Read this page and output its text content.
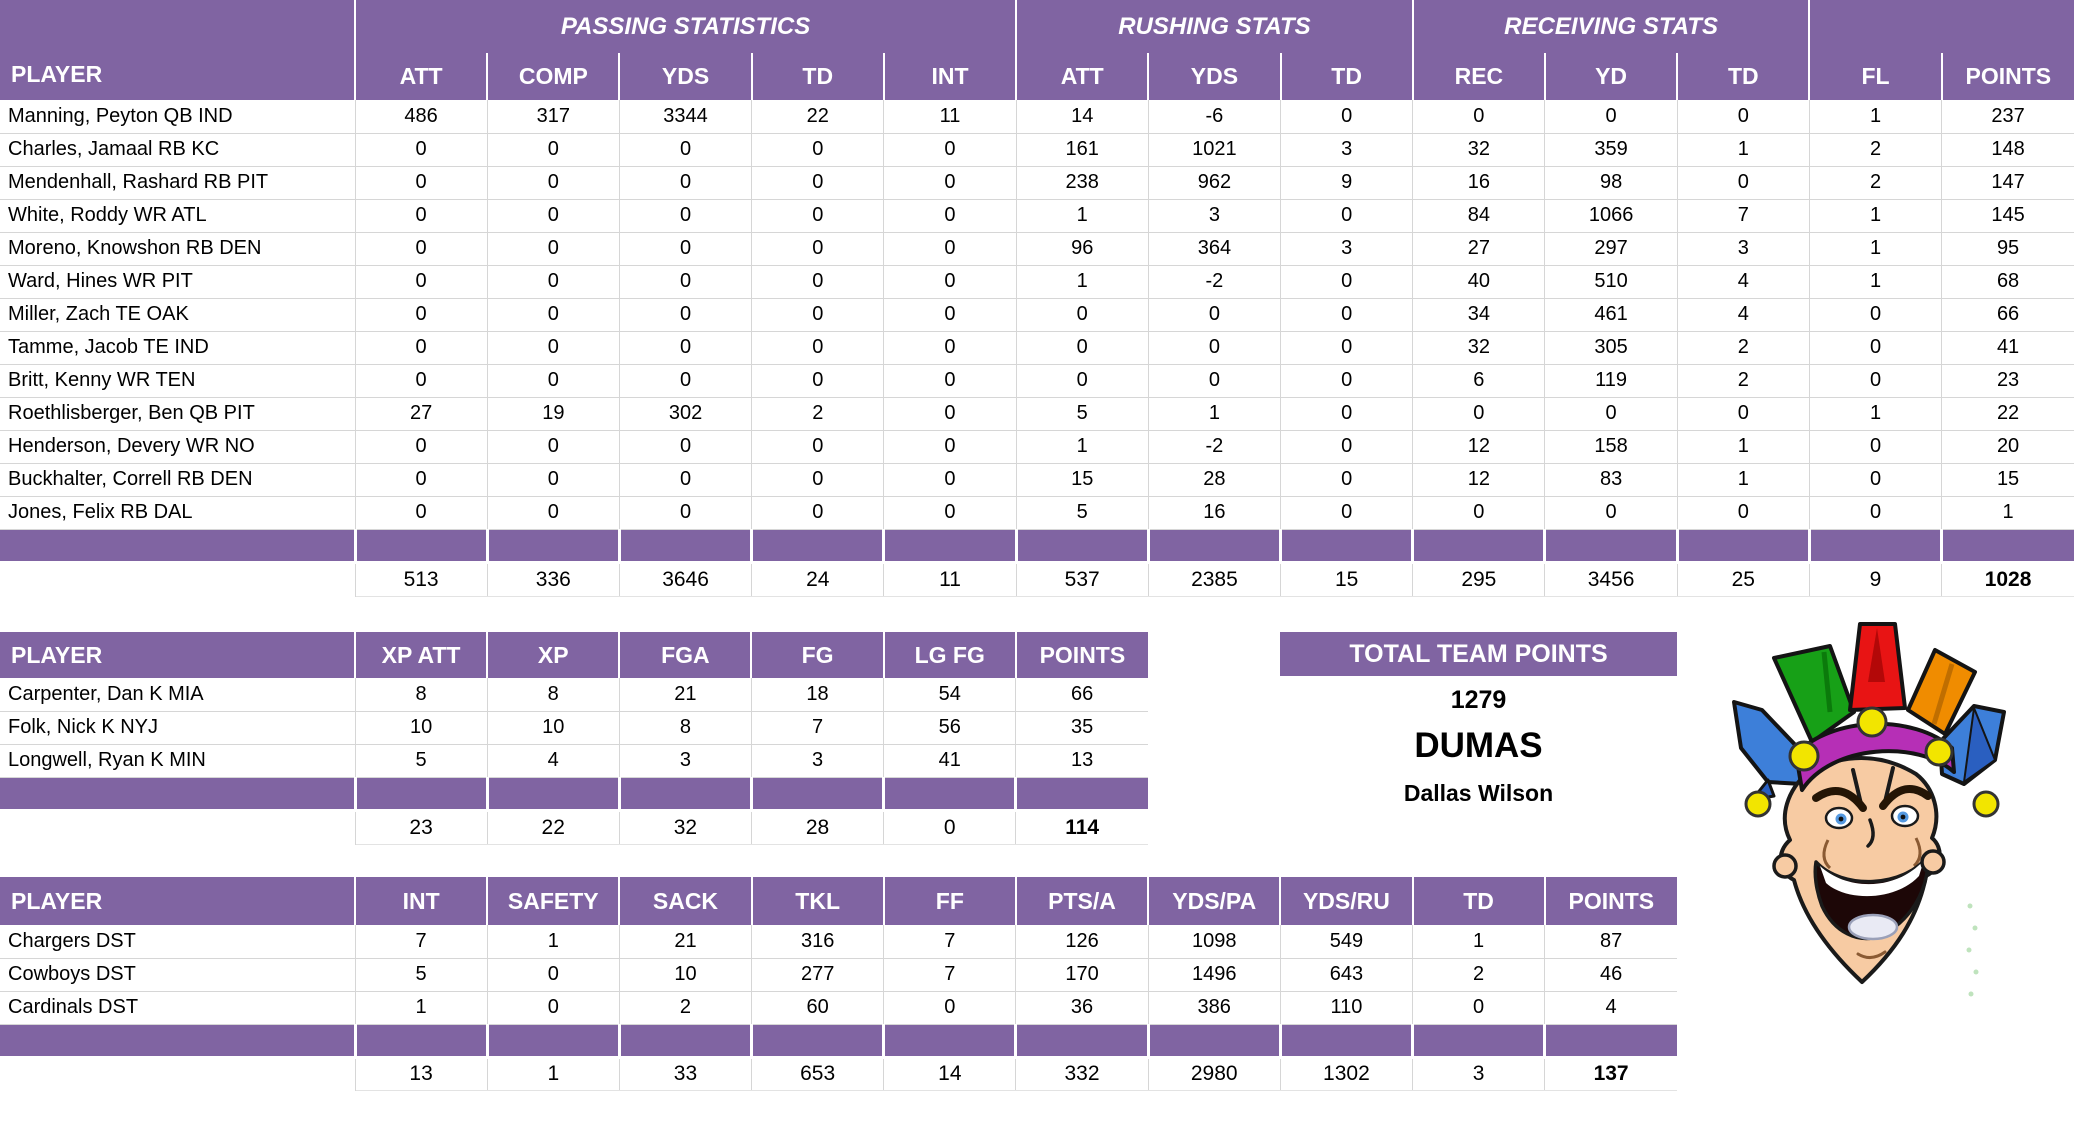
PLAYER	PASSING STATISTICS					RUSHING STATS			RECEIVING STATS				
	ATT	COMP	YDS	TD	INT	ATT	YDS	TD	REC	YD	TD	FL	POINTS
Manning, Peyton QB IND	486	317	3344	22	11	14	-6	0	0	0	0	1	237
Charles, Jamaal RB KC	0	0	0	0	0	161	1021	3	32	359	1	2	148
Mendenhall, Rashard RB PIT	0	0	0	0	0	238	962	9	16	98	0	2	147
White, Roddy WR ATL	0	0	0	0	0	1	3	0	84	1066	7	1	145
Moreno, Knowshon RB DEN	0	0	0	0	0	96	364	3	27	297	3	1	95
Ward, Hines WR PIT	0	0	0	0	0	1	-2	0	40	510	4	1	68
Miller, Zach TE OAK	0	0	0	0	0	0	0	0	34	461	4	0	66
Tamme, Jacob TE IND	0	0	0	0	0	0	0	0	32	305	2	0	41
Britt, Kenny WR TEN	0	0	0	0	0	0	0	0	6	119	2	0	23
Roethlisberger, Ben QB PIT	27	19	302	2	0	5	1	0	0	0	0	1	22
Henderson, Devery WR NO	0	0	0	0	0	1	-2	0	12	158	1	0	20
Buckhalter, Correll RB DEN	0	0	0	0	0	15	28	0	12	83	1	0	15
Jones, Felix RB DAL	0	0	0	0	0	5	16	0	0	0	0	0	1

	513	336	3646	24	11	537	2385	15	295	3456	25	9	1028
PLAYER	XP ATT	XP	FGA	FG	LG FG	POINTS
Carpenter, Dan K MIA	8	8	21	18	54	66
Folk, Nick K NYJ	10	10	8	7	56	35
Longwell, Ryan K MIN	5	4	3	3	41	13

	23	22	32	28	0	114
PLAYER	INT	SAFETY	SACK	TKL	FF	PTS/A	YDS/PA	YDS/RU	TD	POINTS
Chargers DST	7	1	21	316	7	126	1098	549	1	87
Cowboys DST	5	0	10	277	7	170	1496	643	2	46
Cardinals DST	1	0	2	60	0	36	386	110	0	4

	13	1	33	653	14	332	2980	1302	3	137
TOTAL TEAM POINTS
1279
DUMAS
Dallas Wilson
